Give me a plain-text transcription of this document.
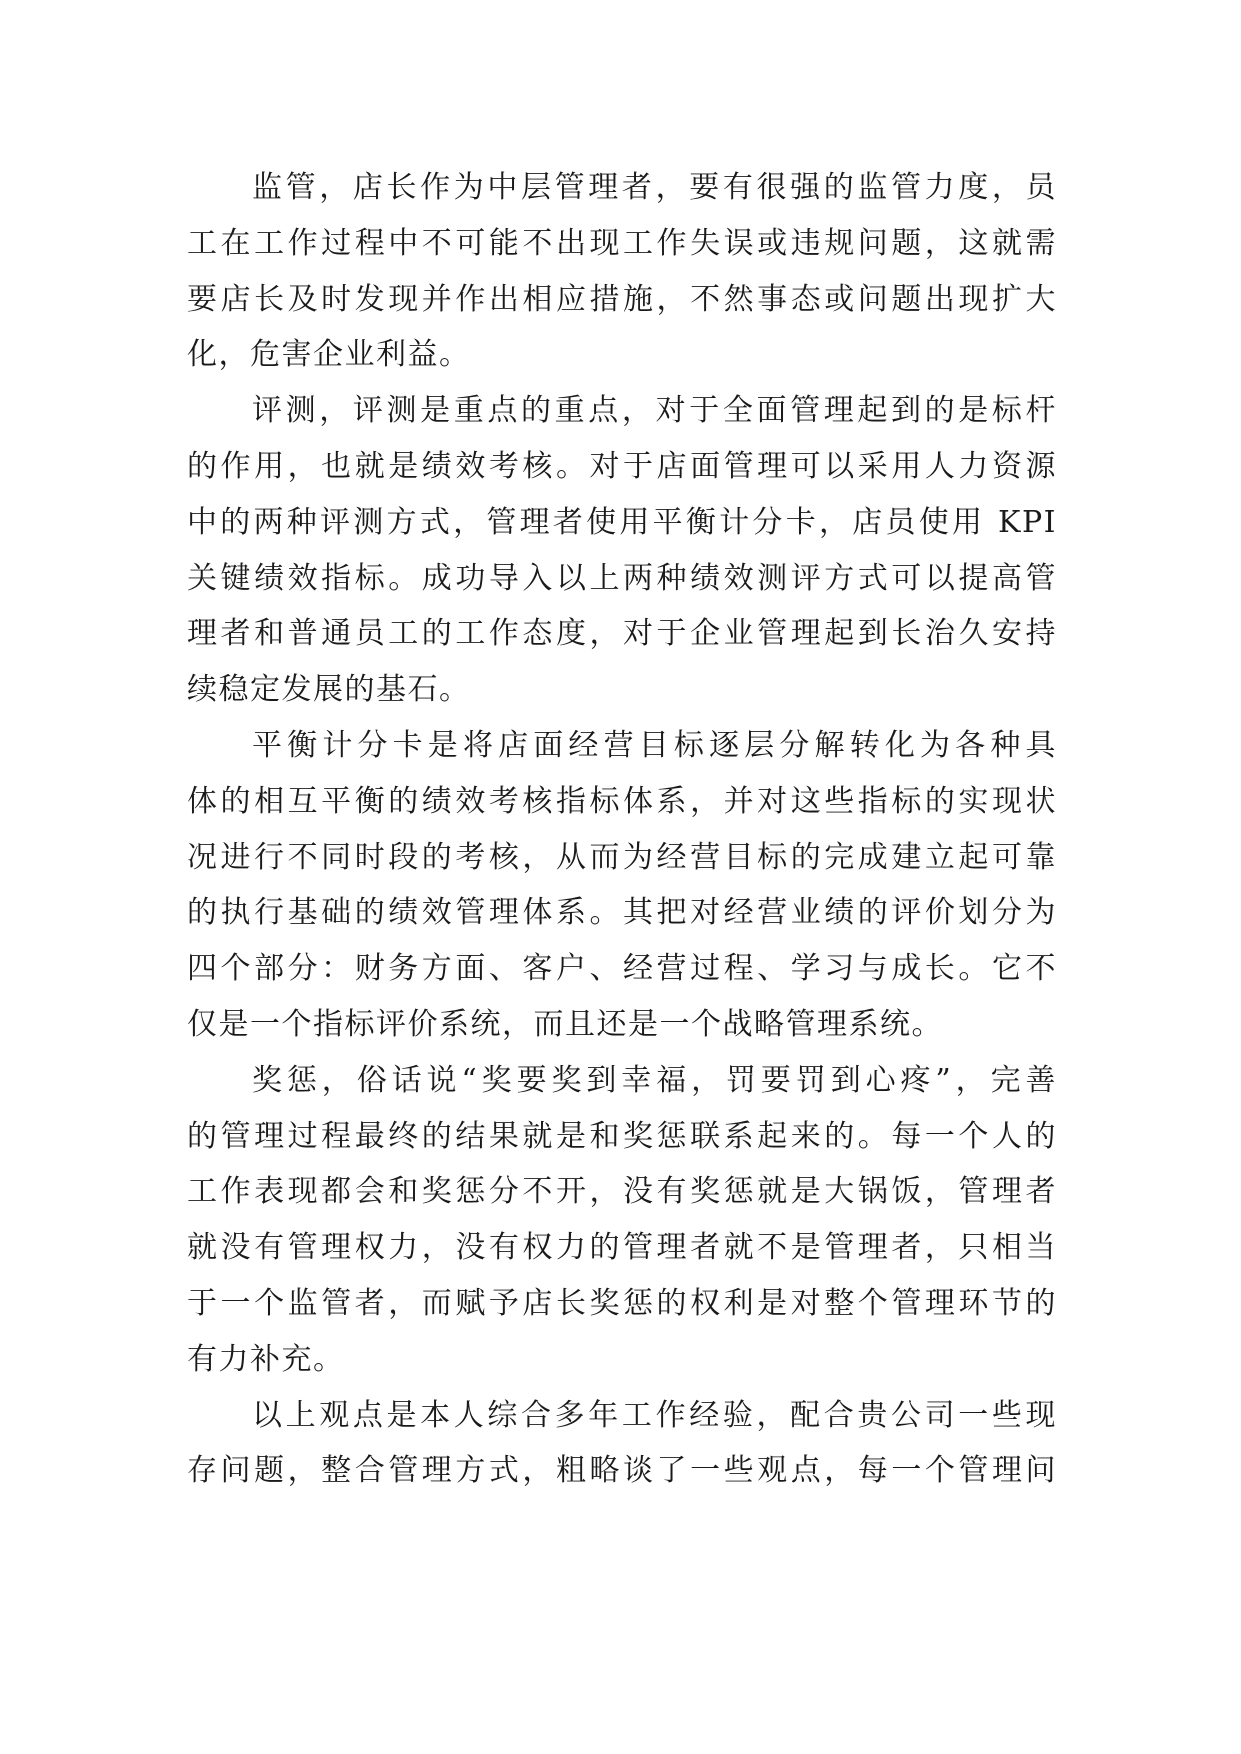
监管，店长作为中层管理者，要有很强的监管力度，员
工在工作过程中不可能不出现工作失误或违规问题，这就需
要店长及时发现并作出相应措施，不然事态或问题出现扩大
化，危害企业利益。
评测，评测是重点的重点，对于全面管理起到的是标杆
的作用，也就是绩效考核。对于店面管理可以采用人力资源
中的两种评测方式，管理者使用平衡计分卡，店员使用 KPI
关键绩效指标。成功导入以上两种绩效测评方式可以提高管
理者和普通员工的工作态度，对于企业管理起到长治久安持
续稳定发展的基石。
平衡计分卡是将店面经营目标逐层分解转化为各种具
体的相互平衡的绩效考核指标体系，并对这些指标的实现状
况进行不同时段的考核，从而为经营目标的完成建立起可靠
的执行基础的绩效管理体系。其把对经营业绩的评价划分为
四个部分：财务方面、客户、经营过程、学习与成长。它不
仅是一个指标评价系统，而且还是一个战略管理系统。
奖惩，俗话说“奖要奖到幸福，罚要罚到心疼”，完善
的管理过程最终的结果就是和奖惩联系起来的。每一个人的
工作表现都会和奖惩分不开，没有奖惩就是大锅饭，管理者
就没有管理权力，没有权力的管理者就不是管理者，只相当
于一个监管者，而赋予店长奖惩的权利是对整个管理环节的
有力补充。
以上观点是本人综合多年工作经验，配合贵公司一些现
存问题，整合管理方式，粗略谈了一些观点，每一个管理问
